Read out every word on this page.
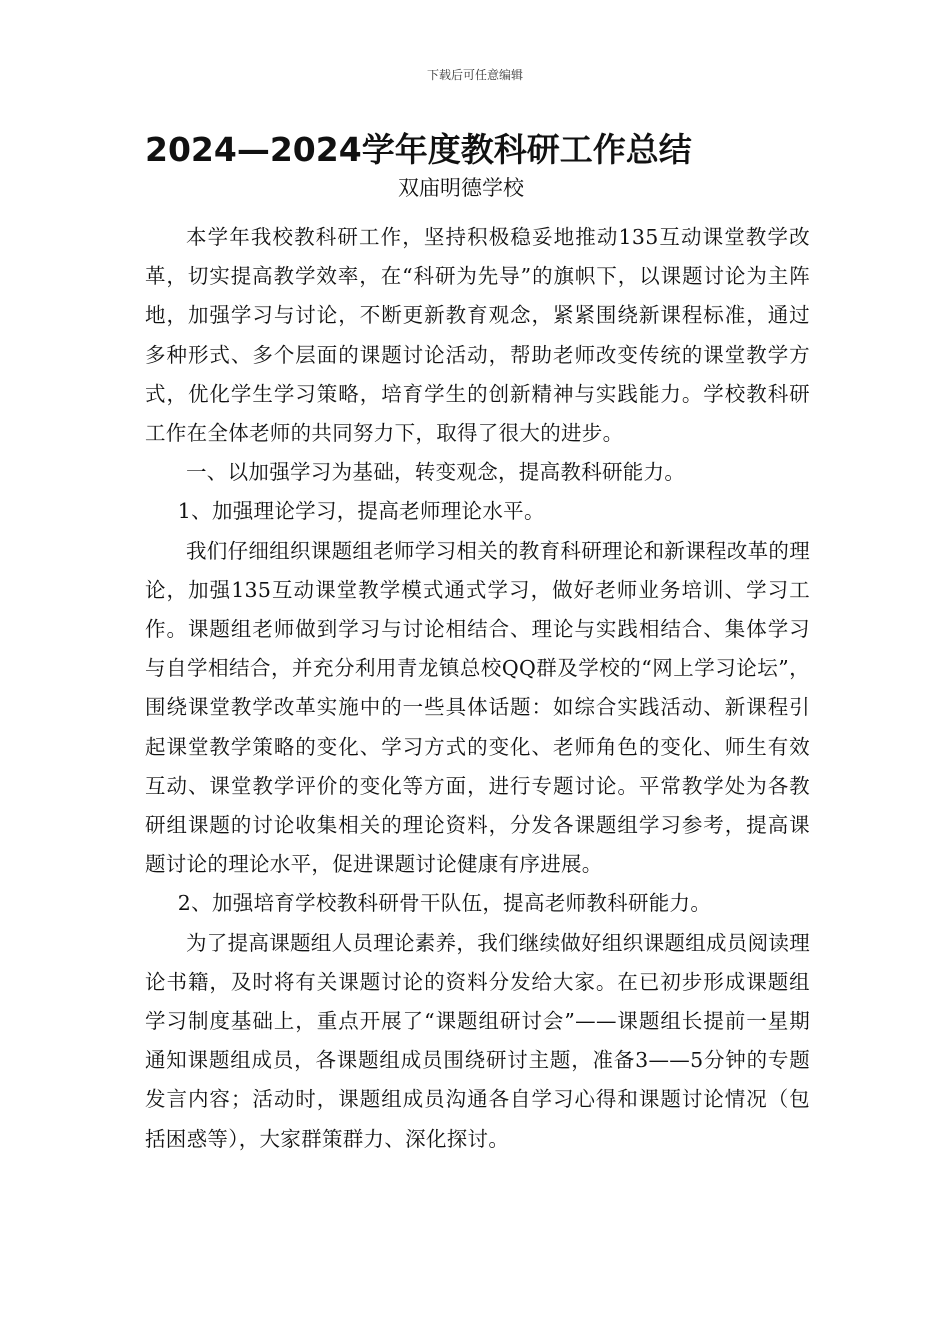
下载后可任意编辑
2024—2024学年度教科研工作总结
双庙明德学校

本学年我校教科研工作，坚持积极稳妥地推动135互动课堂教学改革，切实提高教学效率，在“科研为先导”的旗帜下，以课题讨论为主阵地，加强学习与讨论，不断更新教育观念，紧紧围绕新课程标准，通过多种形式、多个层面的课题讨论活动，帮助老师改变传统的课堂教学方式，优化学生学习策略，培育学生的创新精神与实践能力。学校教科研工作在全体老师的共同努力下，取得了很大的进步。

一、以加强学习为基础，转变观念，提高教科研能力。

1、加强理论学习，提高老师理论水平。

我们仔细组织课题组老师学习相关的教育科研理论和新课程改革的理论，加强135互动课堂教学模式通式学习，做好老师业务培训、学习工作。课题组老师做到学习与讨论相结合、理论与实践相结合、集体学习与自学相结合，并充分利用青龙镇总校QQ群及学校的“网上学习论坛”，围绕课堂教学改革实施中的一些具体话题：如综合实践活动、新课程引起课堂教学策略的变化、学习方式的变化、老师角色的变化、师生有效互动、课堂教学评价的变化等方面，进行专题讨论。平常教学处为各教研组课题的讨论收集相关的理论资料，分发各课题组学习参考，提高课题讨论的理论水平，促进课题讨论健康有序进展。

2、加强培育学校教科研骨干队伍，提高老师教科研能力。

为了提高课题组人员理论素养，我们继续做好组织课题组成员阅读理论书籍，及时将有关课题讨论的资料分发给大家。在已初步形成课题组学习制度基础上，重点开展了“课题组研讨会”——课题组长提前一星期通知课题组成员，各课题组成员围绕研讨主题，准备3——5分钟的专题发言内容；活动时，课题组成员沟通各自学习心得和课题讨论情况（包括困惑等），大家群策群力、深化探讨。
